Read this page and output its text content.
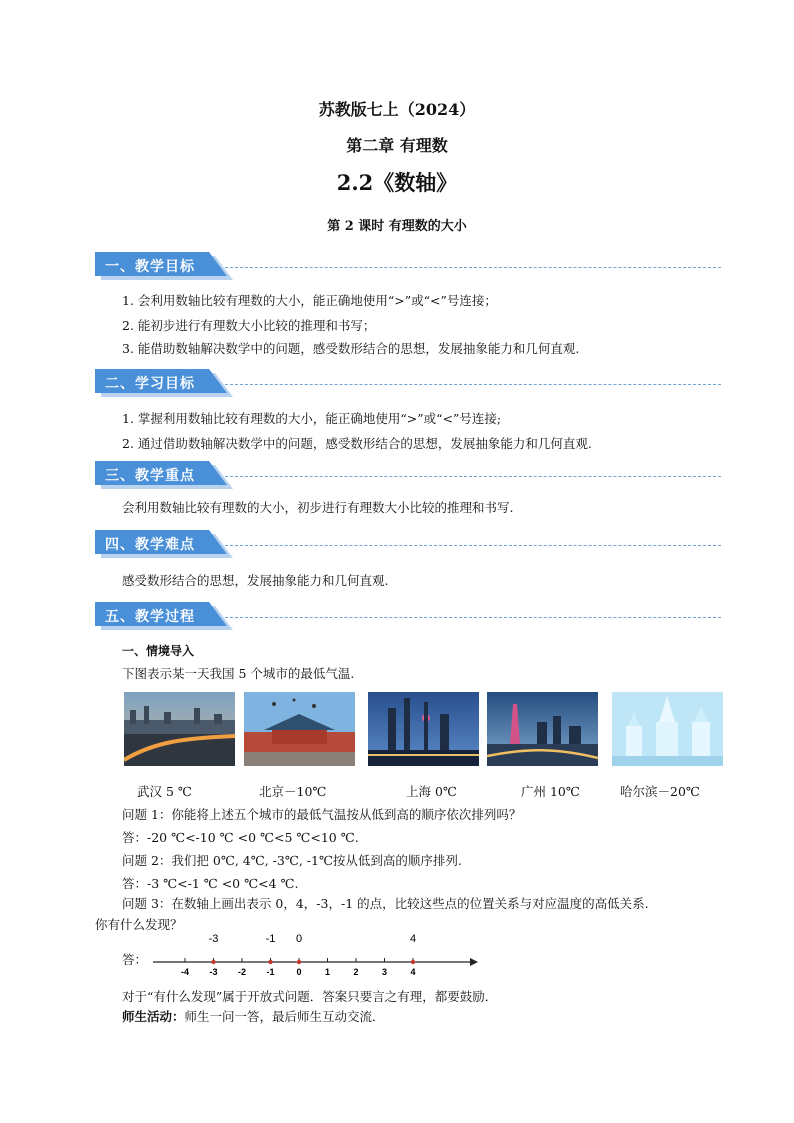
苏教版七上（2024）
第二章 有理数
2.2《数轴》
第 2 课时 有理数的大小
一、教学目标
1. 会利用数轴比较有理数的大小，能正确地使用“>”或“<”号连接；
2. 能初步进行有理数大小比较的推理和书写；
3. 能借助数轴解决数学中的问题，感受数形结合的思想，发展抽象能力和几何直观.
二、学习目标
1. 掌握利用数轴比较有理数的大小，能正确地使用“>”或“<”号连接;
2. 通过借助数轴解决数学中的问题，感受数形结合的思想，发展抽象能力和几何直观.
三、教学重点
会利用数轴比较有理数的大小，初步进行有理数大小比较的推理和书写.
四、教学难点
感受数形结合的思想，发展抽象能力和几何直观.
五、教学过程
一、情境导入
下图表示某一天我国 5 个城市的最低气温.
武汉 5 ℃	北京－10℃	上海 0℃	广州 10℃	哈尔滨－20℃
问题 1：你能将上述五个城市的最低气温按从低到高的顺序依次排列吗？
答：-20 ℃<-10 ℃ <0 ℃<5 ℃<10 ℃.
问题 2：我们把 0℃, 4℃, -3℃, -1℃按从低到高的顺序排列.
答：-3 ℃<-1 ℃ <0 ℃<4 ℃.
问题 3：在数轴上画出表示 0，4，-3，-1 的点，比较这些点的位置关系与对应温度的高低关系.
你有什么发现？
答：
-4 -3
-3
-2 -1
-1
0
0
1	2	3	4
4
对于“有什么发现”属于开放式问题．答案只要言之有理，都要鼓励．
师生活动：师生一问一答，最后师生互动交流．
